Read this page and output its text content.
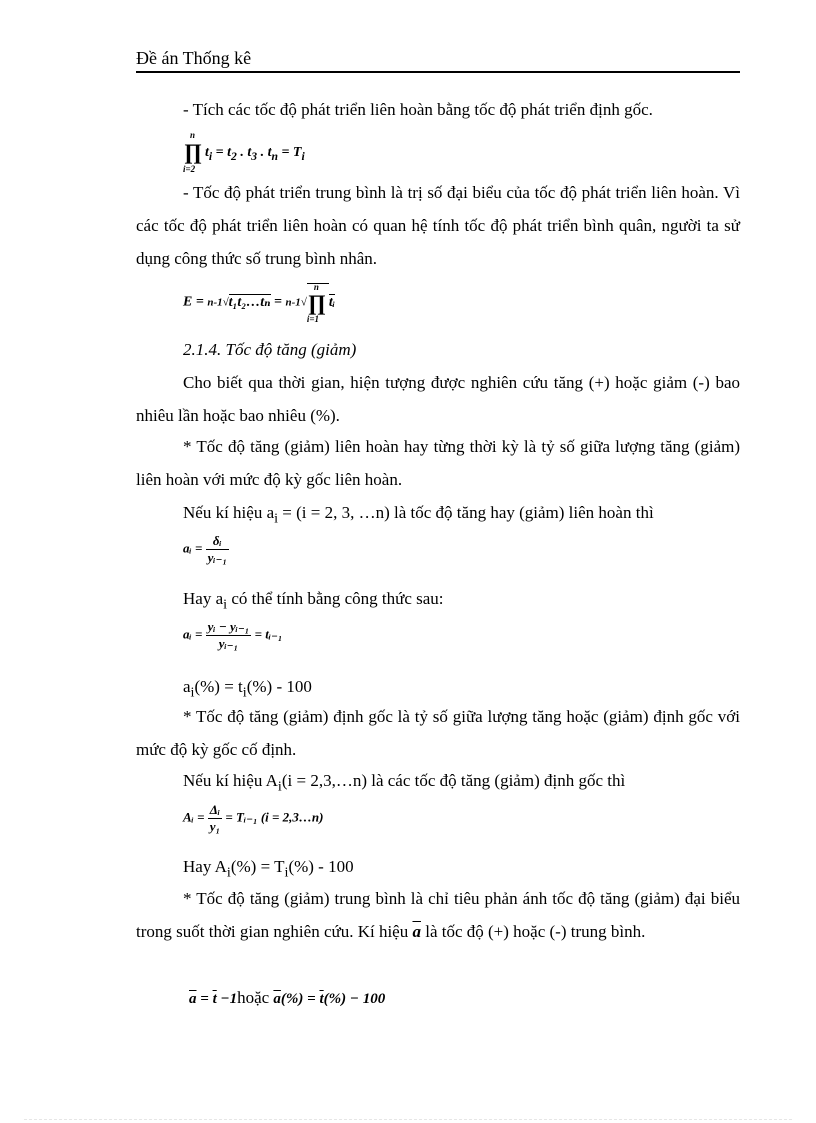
Đề án Thống kê
- Tích các tốc độ phát triển liên hoàn bằng tốc độ phát triển định gốc.
n
∏
i=2
$t_i = t_2$ . $t_3$ . $t_n = T_i$
- Tốc độ phát triển trung bình là trị số đại biểu của tốc độ phát triển liên hoàn. Vì các tốc độ phát triển liên hoàn có quan hệ tính tốc độ phát triển bình quân, người ta sử dụng công thức số trung bình nhân.
E = n-1√t₁t₂…tₙ = n-1√
n
∏
i=1
tᵢ
2.1.4. Tốc độ tăng (giảm)
Cho biết qua thời gian, hiện tượng được nghiên cứu tăng (+) hoặc giảm (-) bao nhiêu lần hoặc bao nhiêu (%).
* Tốc độ tăng (giảm) liên hoàn hay từng thời kỳ là tỷ số giữa lượng tăng (giảm) liên hoàn với mức độ kỳ gốc liên hoàn.
Nếu kí hiệu $a_i = (i = 2$, 3, …n) là tốc độ tăng hay (giảm) liên hoàn thì
aᵢ = $\frac{\text{δᵢ}}{\text{yᵢ₋₁}}$
Hay $a_i$ có thể tính bằng công thức sau:
aᵢ = $\frac{\text{yᵢ − yᵢ₋₁}}{\text{yᵢ₋₁}}$ = tᵢ₋₁
$a_i(\%) = t_i(\%) - 100$
* Tốc độ tăng (giảm) định gốc là tỷ số giữa lượng tăng hoặc (giảm) định gốc với mức độ kỳ gốc cố định.
Nếu kí hiệu $A_i(i$ = 2,3,…n) là các tốc độ tăng (giảm) định gốc thì
Aᵢ = $\frac{\text{Δᵢ}}{\text{y₁}}$ = Tᵢ₋₁ (i = 2,3…n)
Hay $A_i(\%) = T_i(\%) - 100$
* Tốc độ tăng (giảm) trung bình là chỉ tiêu phản ánh tốc độ tăng (giảm) đại biểu trong suốt thời gian nghiên cứu. Kí hiệu $\overline{a}$ là tốc độ (+) hoặc (-) trung bình.
$\overline{a} = \overline{t}$ −1hoặc $\overline{a}(\%) = \overline{t}(\%) - 100$
